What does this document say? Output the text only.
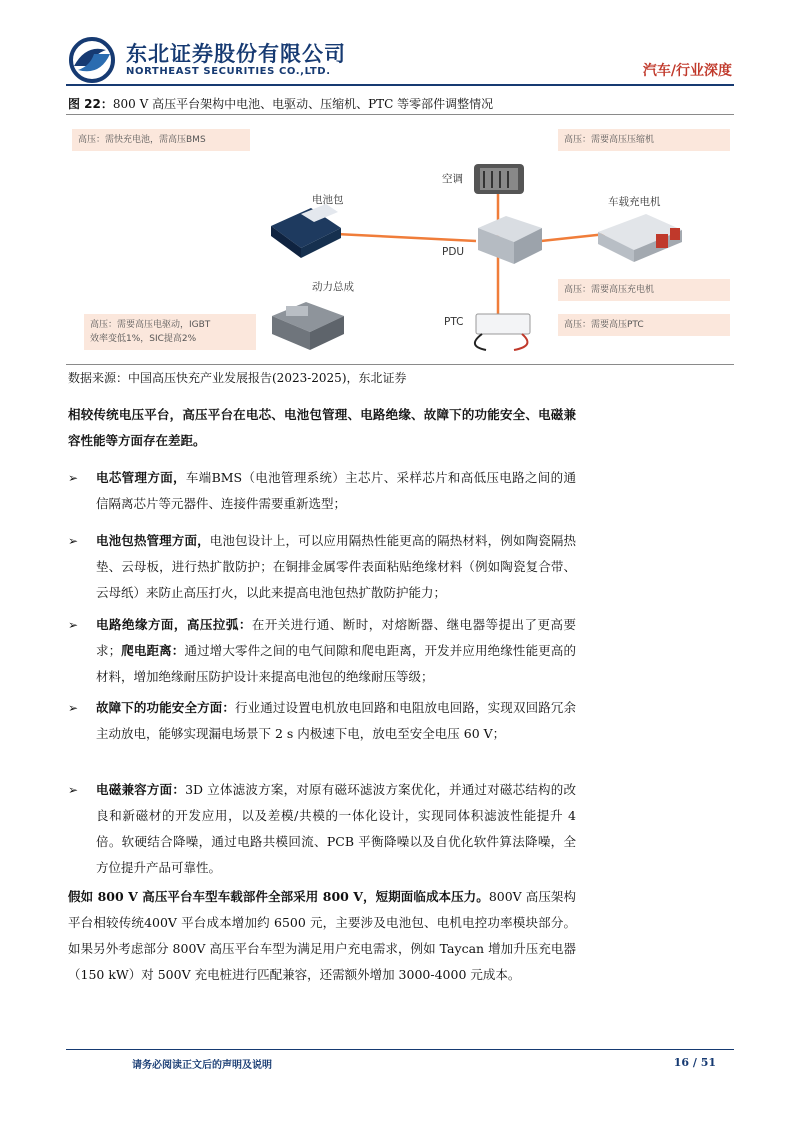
东北证券股份有限公司
NORTHEAST SECURITIES CO.,LTD.	汽车/行业深度
图 22：800 V 高压平台架构中电池、电驱动、压缩机、PTC 等零部件调整情况
高压：需快充电池，需高压BMS	高压：需要高压压缩机
高压：需要高压充电机
高压：需要高压电驱动，IGBT
效率变低1%，SIC提高2%
高压：需要高压PTC
电池包
空调
车载充电机
PDU
动力总成
PTC
数据来源：中国高压快充产业发展报告(2023-2025)，东北证券
相较传统电压平台，高压平台在电芯、电池包管理、电路绝缘、故障下的功能安全、电磁兼容性能等方面存在差距。
➢ 电芯管理方面，车端BMS（电池管理系统）主芯片、采样芯片和高低压电路之间的通信隔离芯片等元器件、连接件需要重新选型；
➢ 电池包热管理方面，电池包设计上，可以应用隔热性能更高的隔热材料，例如陶瓷隔热垫、云母板，进行热扩散防护；在铜排金属零件表面粘贴绝缘材料（例如陶瓷复合带、云母纸）来防止高压打火，以此来提高电池包热扩散防护能力；
➢ 电路绝缘方面，高压拉弧：在开关进行通、断时，对熔断器、继电器等提出了更高要求；爬电距离：通过增大零件之间的电气间隙和爬电距离，开发并应用绝缘性能更高的材料，增加绝缘耐压防护设计来提高电池包的绝缘耐压等级；
➢ 故障下的功能安全方面：行业通过设置电机放电回路和电阻放电回路，实现双回路冗余主动放电，能够实现漏电场景下 2 s 内极速下电，放电至安全电压 60 V；
➢ 电磁兼容方面：3D 立体滤波方案，对原有磁环滤波方案优化，并通过对磁芯结构的改良和新磁材的开发应用，以及差模/共模的一体化设计，实现同体积滤波性能提升 4 倍。软硬结合降噪，通过电路共模回流、PCB 平衡降噪以及自优化软件算法降噪，全方位提升产品可靠性。
假如 800 V 高压平台车型车载部件全部采用 800 V，短期面临成本压力。800V 高压架构平台相较传统400V 平台成本增加约 6500 元，主要涉及电池包、电机电控功率模块部分。如果另外考虑部分 800V 高压平台车型为满足用户充电需求，例如 Taycan 增加升压充电器（150 kW）对 500V 充电桩进行匹配兼容，还需额外增加 3000-4000 元成本。
请务必阅读正文后的声明及说明	16 / 51
